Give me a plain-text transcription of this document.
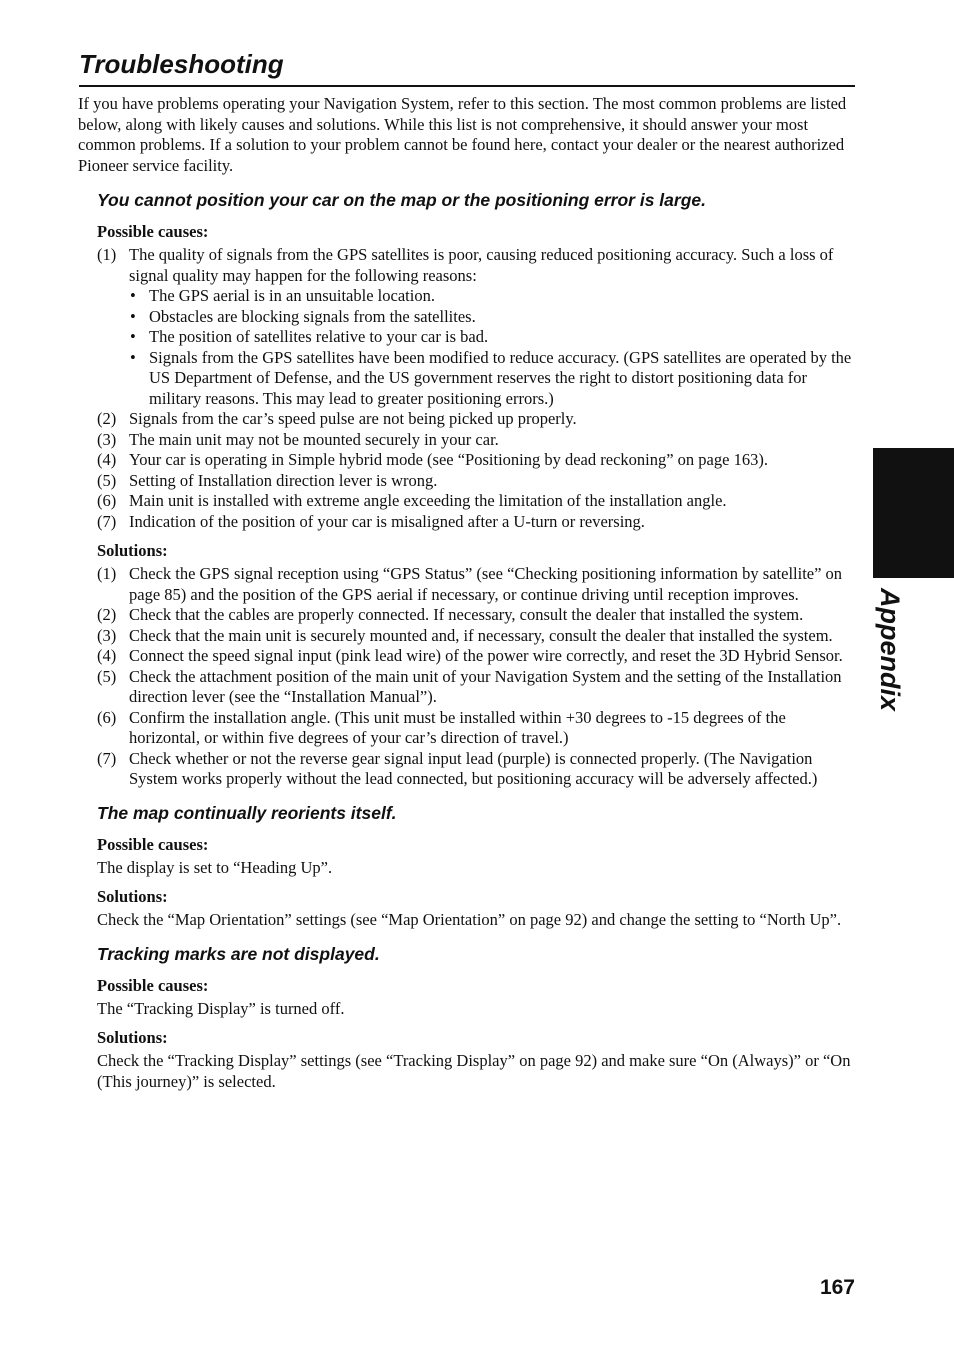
Troubleshooting

If you have problems operating your Navigation System, refer to this section. The most common problems are listed below, along with likely causes and solutions. While this list is not comprehensive, it should answer your most common problems. If a solution to your problem cannot be found here, contact your dealer or the nearest authorized Pioneer service facility.

You cannot position your car on the map or the positioning error is large.
Possible causes:
(1) The quality of signals from the GPS satellites is poor, causing reduced positioning accuracy. Such a loss of signal quality may happen for the following reasons:
• The GPS aerial is in an unsuitable location.
• Obstacles are blocking signals from the satellites.
• The position of satellites relative to your car is bad.
• Signals from the GPS satellites have been modified to reduce accuracy. (GPS satellites are operated by the US Department of Defense, and the US government reserves the right to distort positioning data for military reasons. This may lead to greater positioning errors.)
(2) Signals from the car’s speed pulse are not being picked up properly.
(3) The main unit may not be mounted securely in your car.
(4) Your car is operating in Simple hybrid mode (see “Positioning by dead reckoning” on page 163).
(5) Setting of Installation direction lever is wrong.
(6) Main unit is installed with extreme angle exceeding the limitation of the installation angle.
(7) Indication of the position of your car is misaligned after a U-turn or reversing.
Solutions:
(1) Check the GPS signal reception using “GPS Status” (see “Checking positioning information by satellite” on page 85) and the position of the GPS aerial if necessary, or continue driving until reception improves.
(2) Check that the cables are properly connected. If necessary, consult the dealer that installed the system.
(3) Check that the main unit is securely mounted and, if necessary, consult the dealer that installed the system.
(4) Connect the speed signal input (pink lead wire) of the power wire correctly, and reset the 3D Hybrid Sensor.
(5) Check the attachment position of the main unit of your Navigation System and the setting of the Installation direction lever (see the “Installation Manual”).
(6) Confirm the installation angle. (This unit must be installed within +30 degrees to -15 degrees of the horizontal, or within five degrees of your car’s direction of travel.)
(7) Check whether or not the reverse gear signal input lead (purple) is connected properly. (The Navigation System works properly without the lead connected, but positioning accuracy will be adversely affected.)
The map continually reorients itself.
Possible causes:

The display is set to “Heading Up”.

Solutions:

Check the “Map Orientation” settings (see “Map Orientation” on page 92) and change the setting to “North Up”.

Tracking marks are not displayed.
Possible causes:

The “Tracking Display” is turned off.

Solutions:

Check the “Tracking Display” settings (see “Tracking Display” on page 92) and make sure “On (Always)” or “On (This journey)” is selected.

Appendix
167
